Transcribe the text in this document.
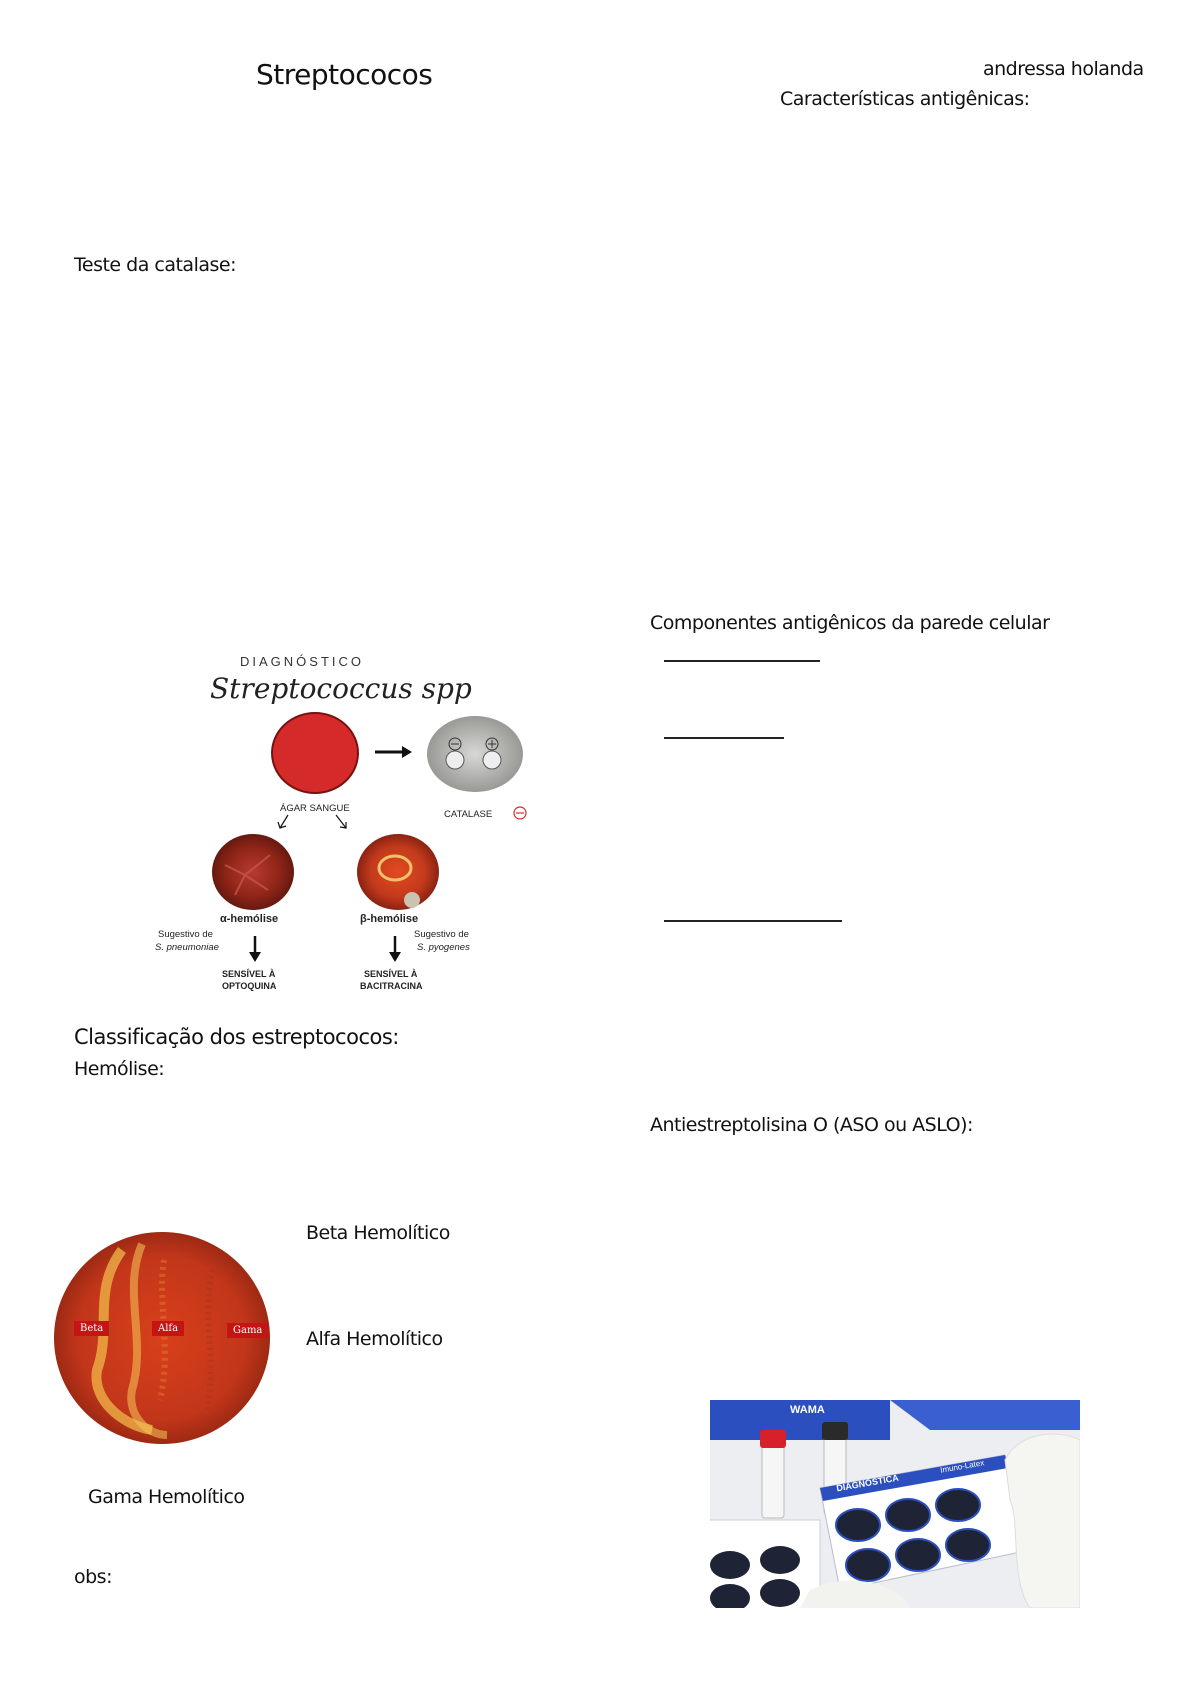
Streptococos	andressa holanda
Características antigênicas:
Teste da catalase:
DIAGNÓSTICO
Streptococcus spp
ÁGAR SANGUE
CATALASE
α-hemólise	β-hemólise
Sugestivo de
S. pneumoniae
Sugestivo de
S. pyogenes
SENSÍVEL À
OPTOQUINA
SENSÍVEL À
BACITRACINA
Classificação dos estreptococos:
Hemólise:
Beta	Alfa	Gama
Beta Hemolítico
Alfa Hemolítico
Gama Hemolítico
obs:
Componentes antigênicos da parede celular
Antiestreptolisina O (ASO ou ASLO):
WAMA
DIAGNÓSTICA
Imuno-Latex
